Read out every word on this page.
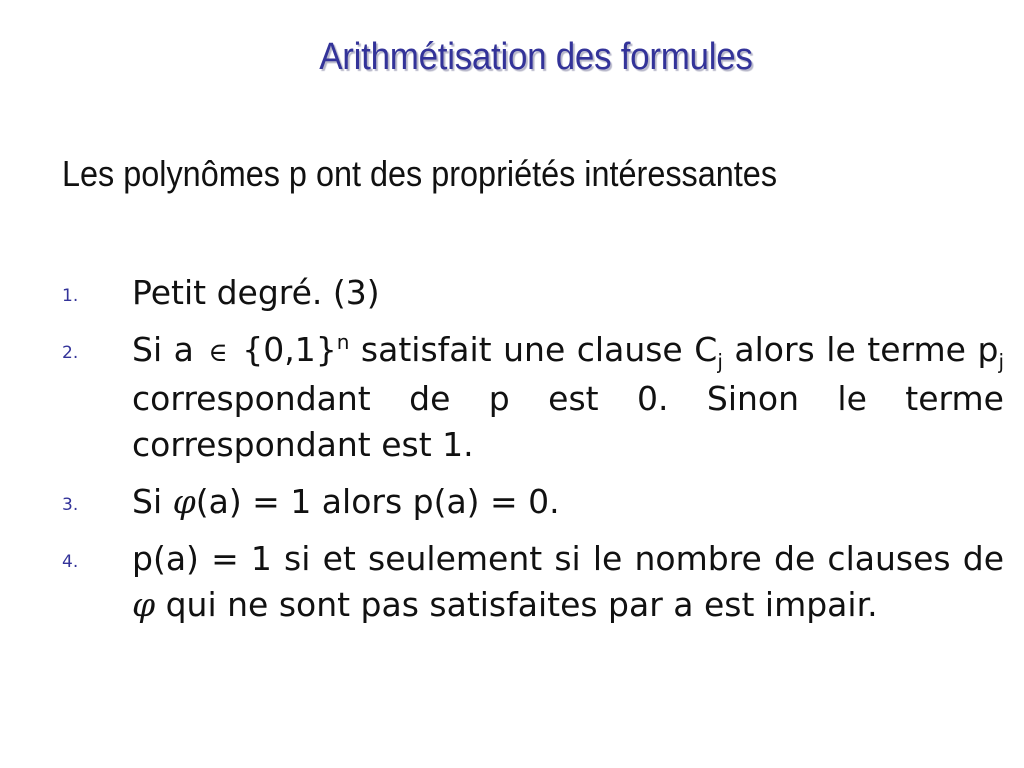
Arithmétisation des formules
Les polynômes p ont des propriétés intéressantes
1. Petit degré. (3)
2. Si a ∈ $\{0,1\}^n$ satisfait une clause $C_j$ alors le terme $p_j$ correspondant de p est 0. Sinon le terme correspondant est 1.
3. Si φ(a) = 1 alors p(a) = 0.
4. p(a) = 1 si et seulement si le nombre de clauses de φ qui ne sont pas satisfaites par a est impair.
